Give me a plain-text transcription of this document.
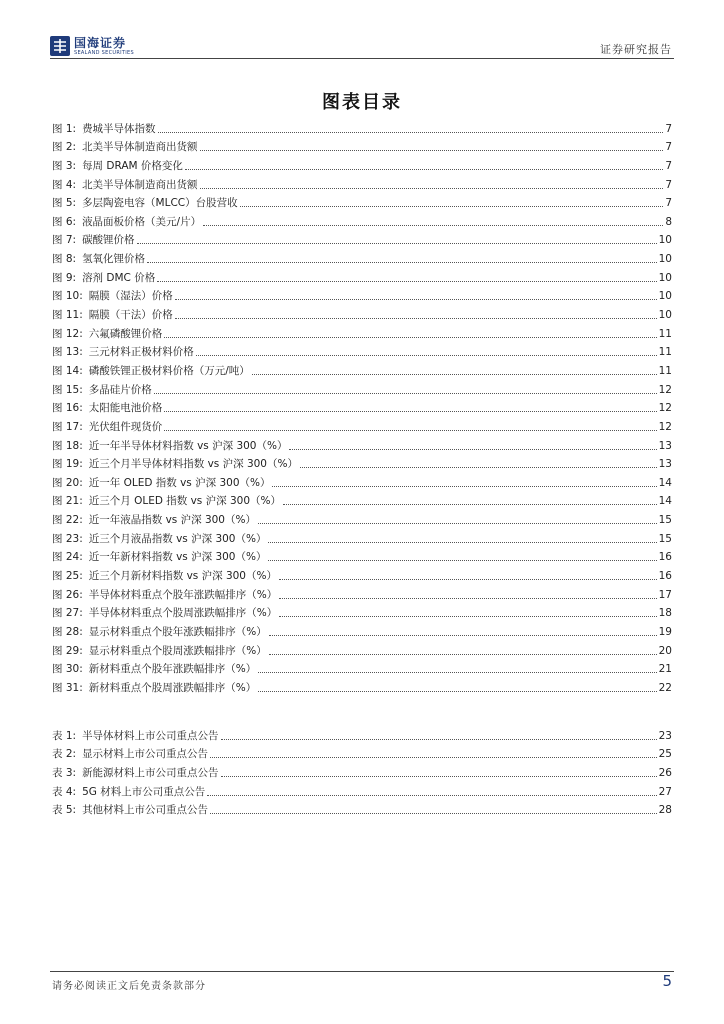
国海证券
SEALAND SECURITIES	证券研究报告
图表目录
图 1: 费城半导体指数	7
图 2: 北美半导体制造商出货额	7
图 3: 每周 DRAM 价格变化	7
图 4: 北美半导体制造商出货额	7
图 5: 多层陶瓷电容（MLCC）台股营收	7
图 6: 液晶面板价格（美元/片）	8
图 7: 碳酸锂价格	10
图 8: 氢氧化锂价格	10
图 9: 溶剂 DMC 价格	10
图 10: 隔膜（湿法）价格	10
图 11: 隔膜（干法）价格	10
图 12: 六氟磷酸锂价格	11
图 13: 三元材料正极材料价格	11
图 14: 磷酸铁锂正极材料价格（万元/吨）	11
图 15: 多晶硅片价格	12
图 16: 太阳能电池价格	12
图 17: 光伏组件现货价	12
图 18: 近一年半导体材料指数 vs 沪深 300（%）	13
图 19: 近三个月半导体材料指数 vs 沪深 300（%）	13
图 20: 近一年 OLED 指数 vs 沪深 300（%）	14
图 21: 近三个月 OLED 指数 vs 沪深 300（%）	14
图 22: 近一年液晶指数 vs 沪深 300（%）	15
图 23: 近三个月液晶指数 vs 沪深 300（%）	15
图 24: 近一年新材料指数 vs 沪深 300（%）	16
图 25: 近三个月新材料指数 vs 沪深 300（%）	16
图 26: 半导体材料重点个股年涨跌幅排序（%）	17
图 27: 半导体材料重点个股周涨跌幅排序（%）	18
图 28: 显示材料重点个股年涨跌幅排序（%）	19
图 29: 显示材料重点个股周涨跌幅排序（%）	20
图 30: 新材料重点个股年涨跌幅排序（%）	21
图 31: 新材料重点个股周涨跌幅排序（%）	22
表 1: 半导体材料上市公司重点公告	23
表 2: 显示材料上市公司重点公告	25
表 3: 新能源材料上市公司重点公告	26
表 4: 5G 材料上市公司重点公告	27
表 5: 其他材料上市公司重点公告	28
请务必阅读正文后免责条款部分	5
